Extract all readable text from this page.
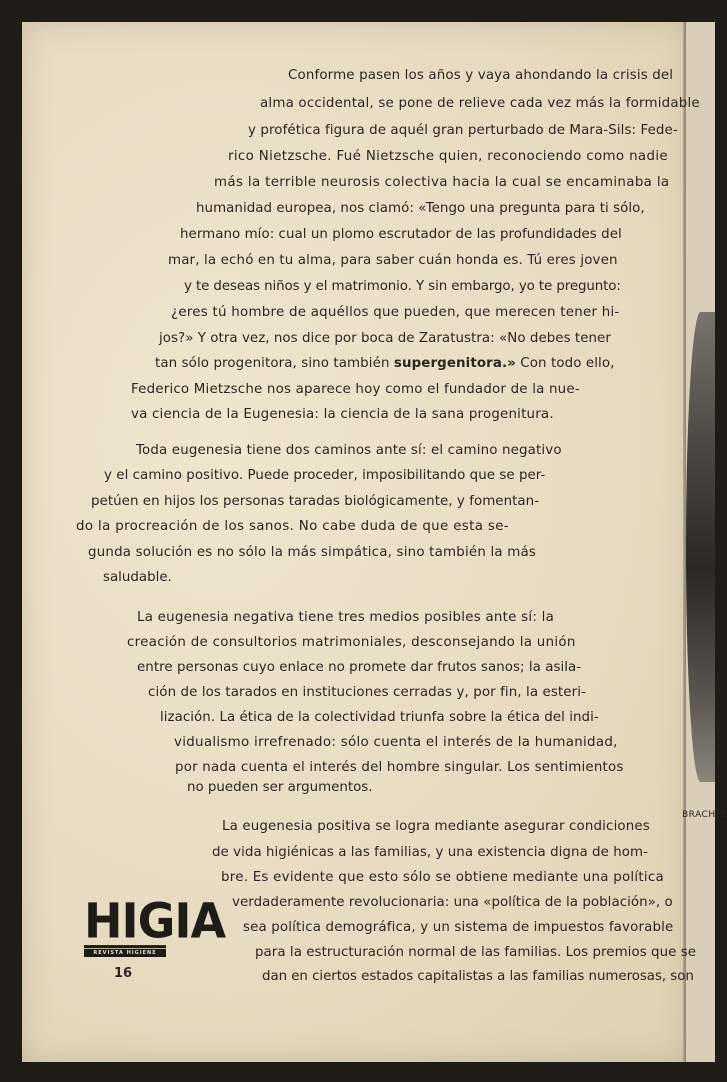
BRACHFE
Conforme pasen los años y vaya ahondando la crisis del
alma occidental, se pone de relieve cada vez más la formidable
y profética figura de aquél gran perturbado de Mara-Sils: Fede-
rico Nietzsche. Fué Nietzsche quien, reconociendo como nadie
más la terrible neurosis colectiva hacia la cual se encaminaba la
humanidad europea, nos clamó: «Tengo una pregunta para ti sólo,
hermano mío: cual un plomo escrutador de las profundidades del
mar, la echó en tu alma, para saber cuán honda es. Tú eres joven
y te deseas niños y el matrimonio. Y sin embargo, yo te pregunto:
¿eres tú hombre de aquéllos que pueden, que merecen tener hi-
jos?» Y otra vez, nos dice por boca de Zaratustra: «No debes tener
tan sólo progenitora, sino también supergenitora.» Con todo ello,
Federico Mietzsche nos aparece hoy como el fundador de la nue-
va ciencia de la Eugenesia: la ciencia de la sana progenitura.
Toda eugenesia tiene dos caminos ante sí: el camino negativo
y el camino positivo. Puede proceder, imposibilitando que se per-
petúen en hijos los personas taradas biológicamente, y fomentan-
do la procreación de los sanos. No cabe duda de que esta se-
gunda solución es no sólo la más simpática, sino también la más
saludable.
La eugenesia negativa tiene tres medios posibles ante sí: la
creación de consultorios matrimoniales, desconsejando la unión
entre personas cuyo enlace no promete dar frutos sanos; la asila-
ción de los tarados en instituciones cerradas y, por fin, la esteri-
lización. La ética de la colectividad triunfa sobre la ética del indi-
vidualismo irrefrenado: sólo cuenta el interés de la humanidad,
por nada cuenta el interés del hombre singular. Los sentimientos
no pueden ser argumentos.
La eugenesia positiva se logra mediante asegurar condiciones
de vida higiénicas a las familias, y una existencia digna de hom-
bre. Es evidente que esto sólo se obtiene mediante una política
verdaderamente revolucionaria: una «política de la población», o
sea política demográfica, y un sistema de impuestos favorable
para la estructuración normal de las familias. Los premios que se
dan en ciertos estados capitalistas a las familias numerosas, son
HIGIA
REVISTA HIGIENE
16
